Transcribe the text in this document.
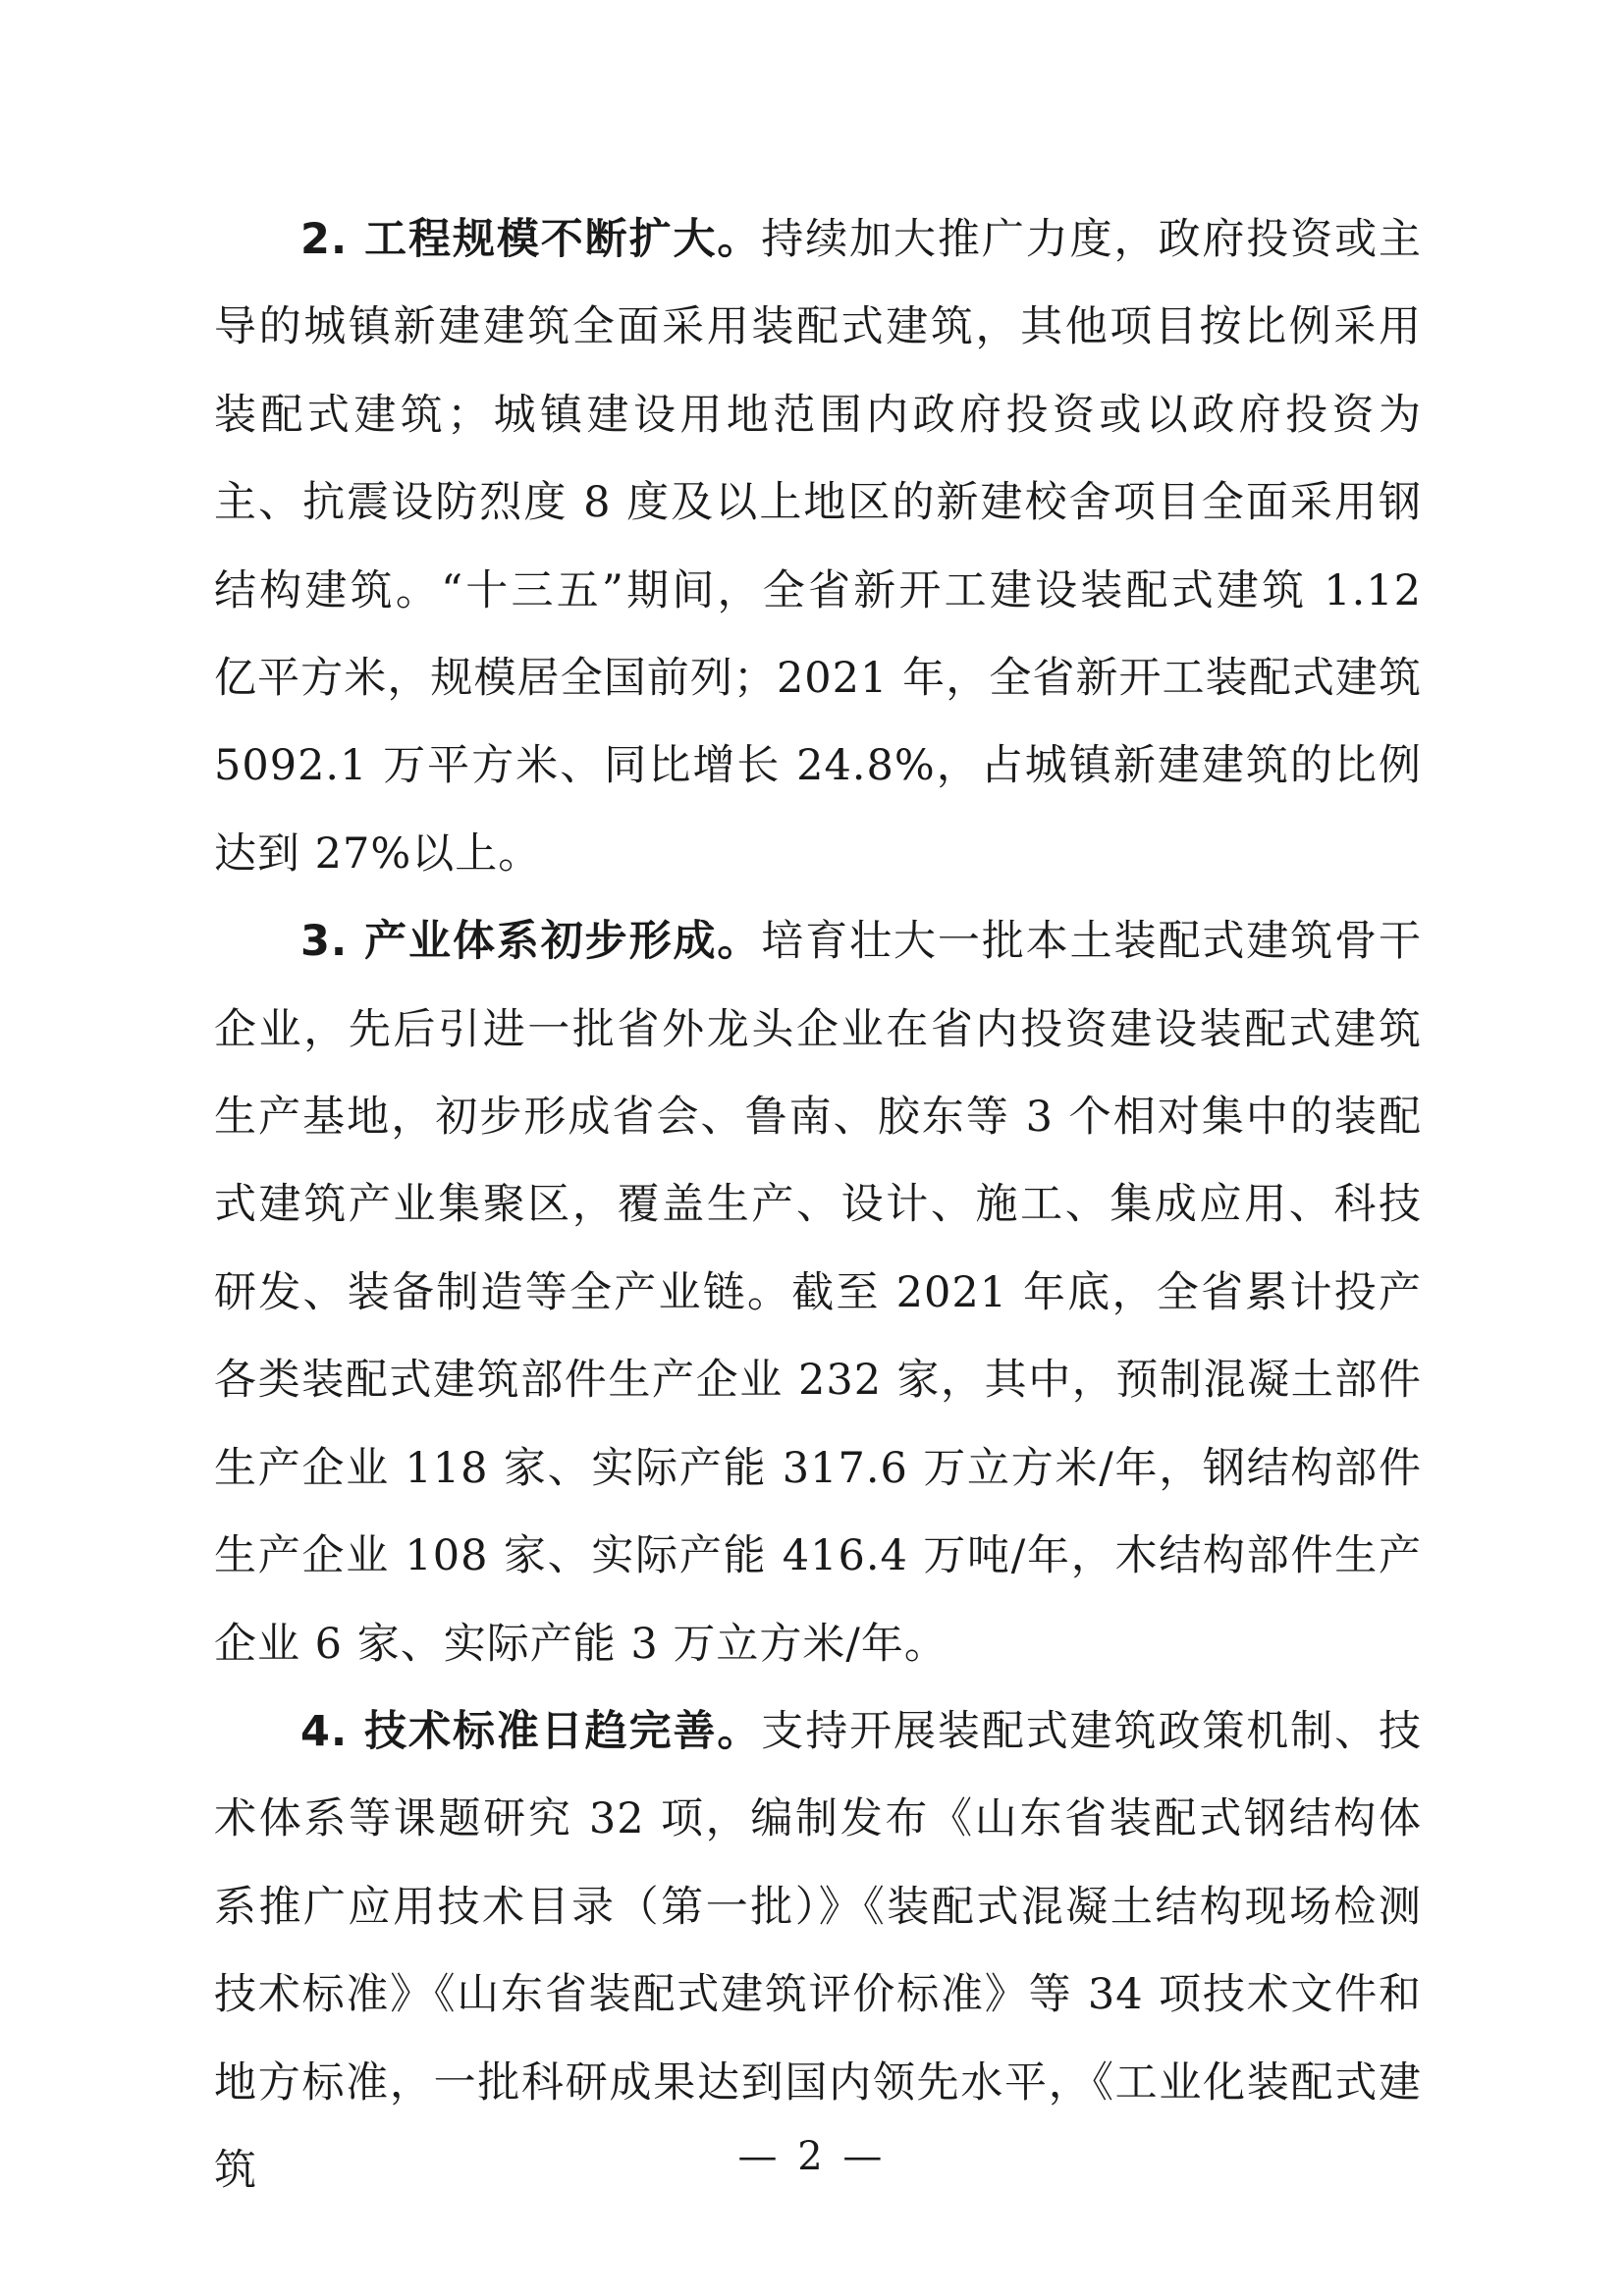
2. 工程规模不断扩大。持续加大推广力度，政府投资或主导的城镇新建建筑全面采用装配式建筑，其他项目按比例采用装配式建筑；城镇建设用地范围内政府投资或以政府投资为主、抗震设防烈度 8 度及以上地区的新建校舍项目全面采用钢结构建筑。“十三五”期间，全省新开工建设装配式建筑 1.12 亿平方米，规模居全国前列；2021 年，全省新开工装配式建筑 5092.1 万平方米、同比增长 24.8%，占城镇新建建筑的比例达到 27%以上。

3. 产业体系初步形成。培育壮大一批本土装配式建筑骨干企业，先后引进一批省外龙头企业在省内投资建设装配式建筑生产基地，初步形成省会、鲁南、胶东等 3 个相对集中的装配式建筑产业集聚区，覆盖生产、设计、施工、集成应用、科技研发、装备制造等全产业链。截至 2021 年底，全省累计投产各类装配式建筑部件生产企业 232 家，其中，预制混凝土部件生产企业 118 家、实际产能 317.6 万立方米/年，钢结构部件生产企业 108 家、实际产能 416.4 万吨/年，木结构部件生产企业 6 家、实际产能 3 万立方米/年。

4. 技术标准日趋完善。支持开展装配式建筑政策机制、技术体系等课题研究 32 项，编制发布《山东省装配式钢结构体系推广应用技术目录（第一批）》《装配式混凝土结构现场检测技术标准》《山东省装配式建筑评价标准》等 34 项技术文件和地方标准，一批科研成果达到国内领先水平，《工业化装配式建筑	— 2 —
